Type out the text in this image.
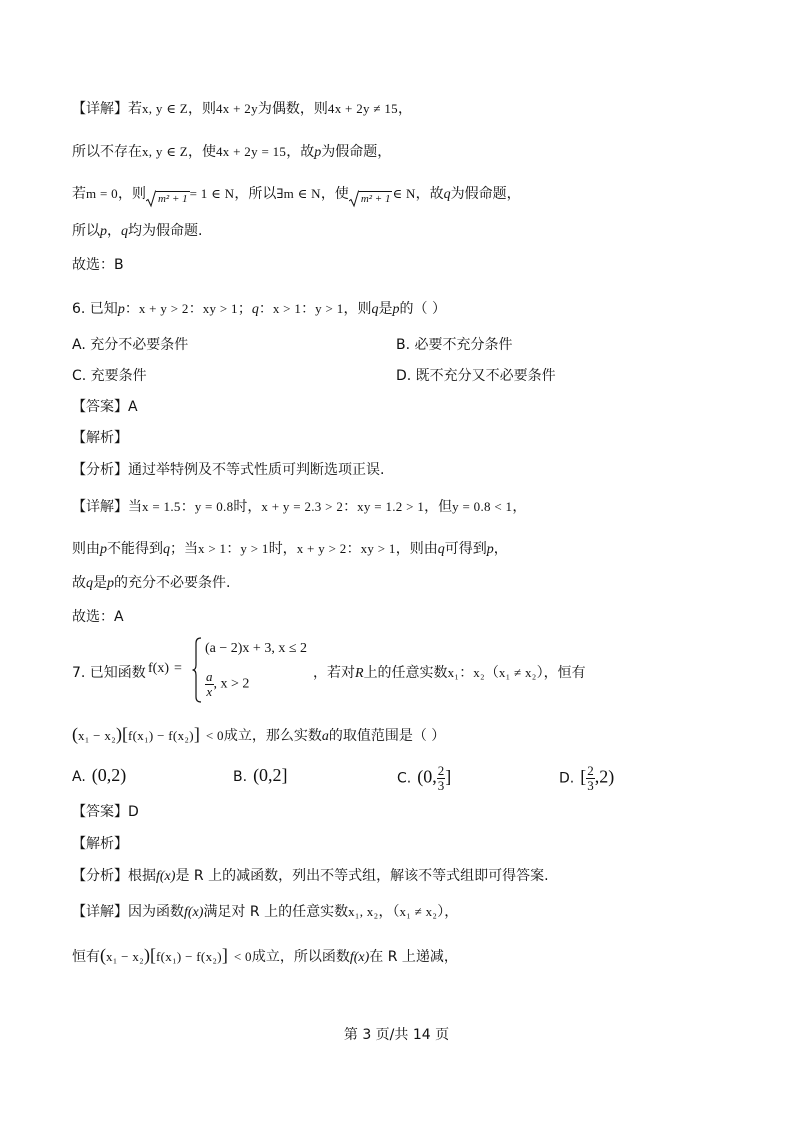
【详解】若x, y ∈ Z，则4x + 2y为偶数，则4x + 2y ≠ 15，
所以不存在x, y ∈ Z，使4x + 2y = 15，故p为假命题，
若m = 0，则 m² + 1 = 1 ∈ N，所以∃m ∈ N，使 m² + 1 ∈ N，故q为假命题，
所以p，q均为假命题.
故选：B
6. 已知p：x + y > 2：xy > 1；q：x > 1：y > 1，则q是p的（ ）
A. 充分不必要条件	B. 必要不充分条件
C. 充要条件	D. 既不充分又不必要条件
【答案】A
【解析】
【分析】通过举特例及不等式性质可判断选项正误.
【详解】当x = 1.5：y = 0.8时，x + y = 2.3 > 2：xy = 1.2 > 1，但y = 0.8 < 1，
则由p不能得到q；当x > 1：y > 1时，x + y > 2：xy > 1，则由q可得到p，
故q是p的充分不必要条件.
故选：A
7. 已知函数 f(x) =
(a − 2)x + 3, x ≤ 2
$\frac{a}{x}$ , x > 2
，若对R上的任意实数x₁：x₂（x₁ ≠ x₂），恒有
(x₁ − x₂)[f(x₁) − f(x₂)] < 0成立，那么实数a的取值范围是（ ）
A. (0,2)	B. (0,2]	C. (0, $\frac{2}{3}$ ]	D. [ $\frac{2}{3} ,2$)
【答案】D
【解析】
【分析】根据f(x)是 R 上的减函数，列出不等式组，解该不等式组即可得答案.
【详解】因为函数f(x)满足对 R 上的任意实数x₁, x₂，（x₁ ≠ x₂），
恒有(x₁ − x₂)[f(x₁) − f(x₂)] < 0成立，所以函数f(x)在 R 上递减，
第 3 页/共 14 页
